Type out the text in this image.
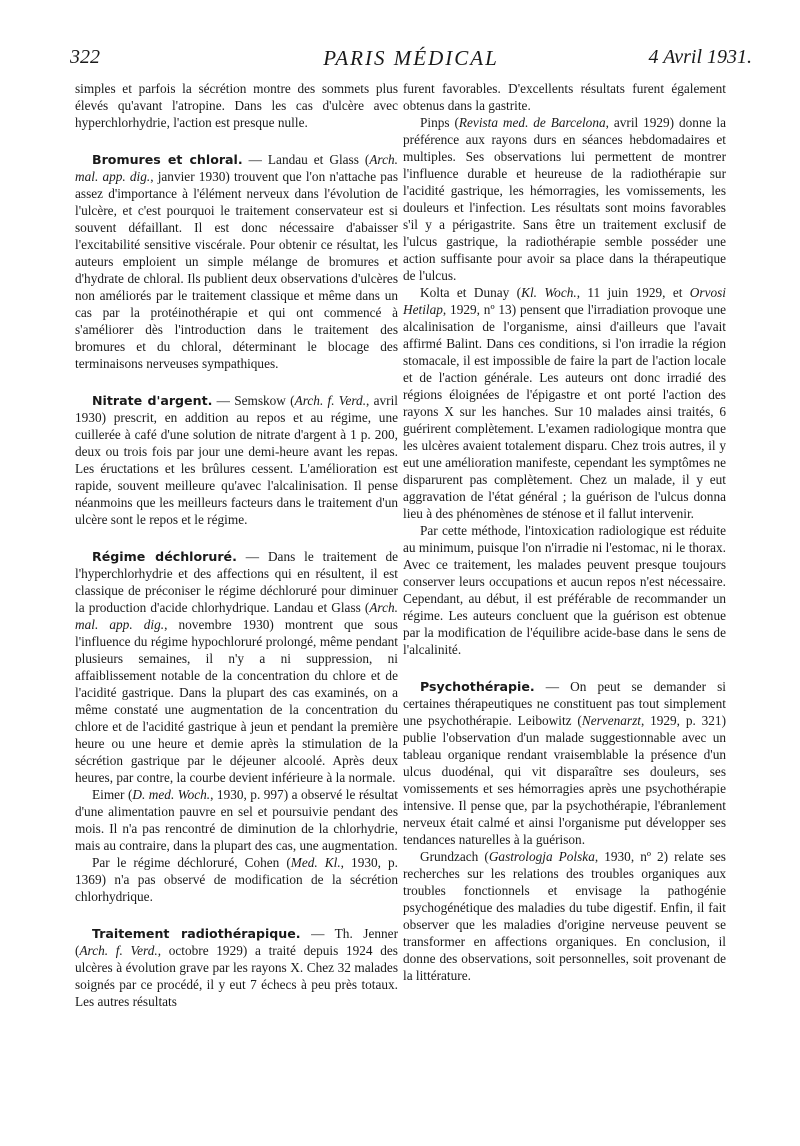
322	PARIS MÉDICAL	4 Avril 1931.

simples et parfois la sécrétion montre des sommets plus élevés qu'avant l'atropine. Dans les cas d'ulcère avec hyperchlorhydrie, l'action est presque nulle.

Bromures et chloral. — Landau et Glass (Arch. mal. app. dig., janvier 1930) trouvent que l'on n'attache pas assez d'importance à l'élément nerveux dans l'évolution de l'ulcère, et c'est pourquoi le traitement conservateur est si souvent défaillant. Il est donc nécessaire d'abaisser l'excitabilité sensitive viscérale. Pour obtenir ce résultat, les auteurs emploient un simple mélange de bromures et d'hydrate de chloral. Ils publient deux observations d'ulcères non améliorés par le traitement classique et même dans un cas par la protéinothérapie et qui ont commencé à s'améliorer dès l'introduction dans le traitement des bromures et du chloral, déterminant le blocage des terminaisons nerveuses sympathiques.

Nitrate d'argent. — Semskow (Arch. f. Verd., avril 1930) prescrit, en addition au repos et au régime, une cuillerée à café d'une solution de nitrate d'argent à 1 p. 200, deux ou trois fois par jour une demi-heure avant les repas. Les éructations et les brûlures cessent. L'amélioration est rapide, souvent meilleure qu'avec l'alcalinisation. Il pense néanmoins que les meilleurs facteurs dans le traitement d'un ulcère sont le repos et le régime.

Régime déchloruré. — Dans le traitement de l'hyperchlorhydrie et des affections qui en résultent, il est classique de préconiser le régime déchloruré pour diminuer la production d'acide chlorhydrique. Landau et Glass (Arch. mal. app. dig., novembre 1930) montrent que sous l'influence du régime hypochloruré prolongé, même pendant plusieurs semaines, il n'y a ni suppression, ni affaiblissement notable de la concentration du chlore et de l'acidité gastrique. Dans la plupart des cas examinés, on a même constaté une augmentation de la concentration du chlore et de l'acidité gastrique à jeun et pendant la première heure ou une heure et demie après la stimulation de la sécrétion gastrique par le déjeuner alcoolé. Après deux heures, par contre, la courbe devient inférieure à la normale.

Eimer (D. med. Woch., 1930, p. 997) a observé le résultat d'une alimentation pauvre en sel et poursuivie pendant des mois. Il n'a pas rencontré de diminution de la chlorhydrie, mais au contraire, dans la plupart des cas, une augmentation.

Par le régime déchloruré, Cohen (Med. Kl., 1930, p. 1369) n'a pas observé de modification de la sécrétion chlorhydrique.

Traitement radiothérapique. — Th. Jenner (Arch. f. Verd., octobre 1929) a traité depuis 1924 des ulcères à évolution grave par les rayons X. Chez 32 malades soignés par ce procédé, il y eut 7 échecs à peu près totaux. Les autres résultats

furent favorables. D'excellents résultats furent également obtenus dans la gastrite.

Pinps (Revista med. de Barcelona, avril 1929) donne la préférence aux rayons durs en séances hebdomadaires et multiples. Ses observations lui permettent de montrer l'influence durable et heureuse de la radiothérapie sur l'acidité gastrique, les hémorragies, les vomissements, les douleurs et l'infection. Les résultats sont moins favorables s'il y a périgastrite. Sans être un traitement exclusif de l'ulcus gastrique, la radiothérapie semble posséder une action suffisante pour avoir sa place dans la thérapeutique de l'ulcus.

Kolta et Dunay (Kl. Woch., 11 juin 1929, et Orvosi Hetilap, 1929, nº 13) pensent que l'irradiation provoque une alcalinisation de l'organisme, ainsi d'ailleurs que l'avait affirmé Balint. Dans ces conditions, si l'on irradie la région stomacale, il est impossible de faire la part de l'action locale et de l'action générale. Les auteurs ont donc irradié des régions éloignées de l'épigastre et ont porté l'action des rayons X sur les hanches. Sur 10 malades ainsi traités, 6 guérirent complètement. L'examen radiologique montra que les ulcères avaient totalement disparu. Chez trois autres, il y eut une amélioration manifeste, cependant les symptômes ne disparurent pas complètement. Chez un malade, il y eut aggravation de l'état général ; la guérison de l'ulcus donna lieu à des phénomènes de sténose et il fallut intervenir.

Par cette méthode, l'intoxication radiologique est réduite au minimum, puisque l'on n'irradie ni l'estomac, ni le thorax. Avec ce traitement, les malades peuvent presque toujours conserver leurs occupations et aucun repos n'est nécessaire. Cependant, au début, il est préférable de recommander un régime. Les auteurs concluent que la guérison est obtenue par la modification de l'équilibre acide-base dans le sens de l'alcalinité.

Psychothérapie. — On peut se demander si certaines thérapeutiques ne constituent pas tout simplement une psychothérapie. Leibowitz (Nervenarzt, 1929, p. 321) publie l'observation d'un malade suggestionnable avec un tableau organique rendant vraisemblable la présence d'un ulcus duodénal, qui vit disparaître ses douleurs, ses vomissements et ses hémorragies après une psychothérapie intensive. Il pense que, par la psychothérapie, l'ébranlement nerveux était calmé et ainsi l'organisme put développer ses tendances naturelles à la guérison.

Grundzach (Gastrologja Polska, 1930, nº 2) relate ses recherches sur les relations des troubles organiques aux troubles fonctionnels et envisage la pathogénie psychogénétique des maladies du tube digestif. Enfin, il fait observer que les maladies d'origine nerveuse peuvent se transformer en affections organiques. En conclusion, il donne des observations, soit personnelles, soit provenant de la littérature.
